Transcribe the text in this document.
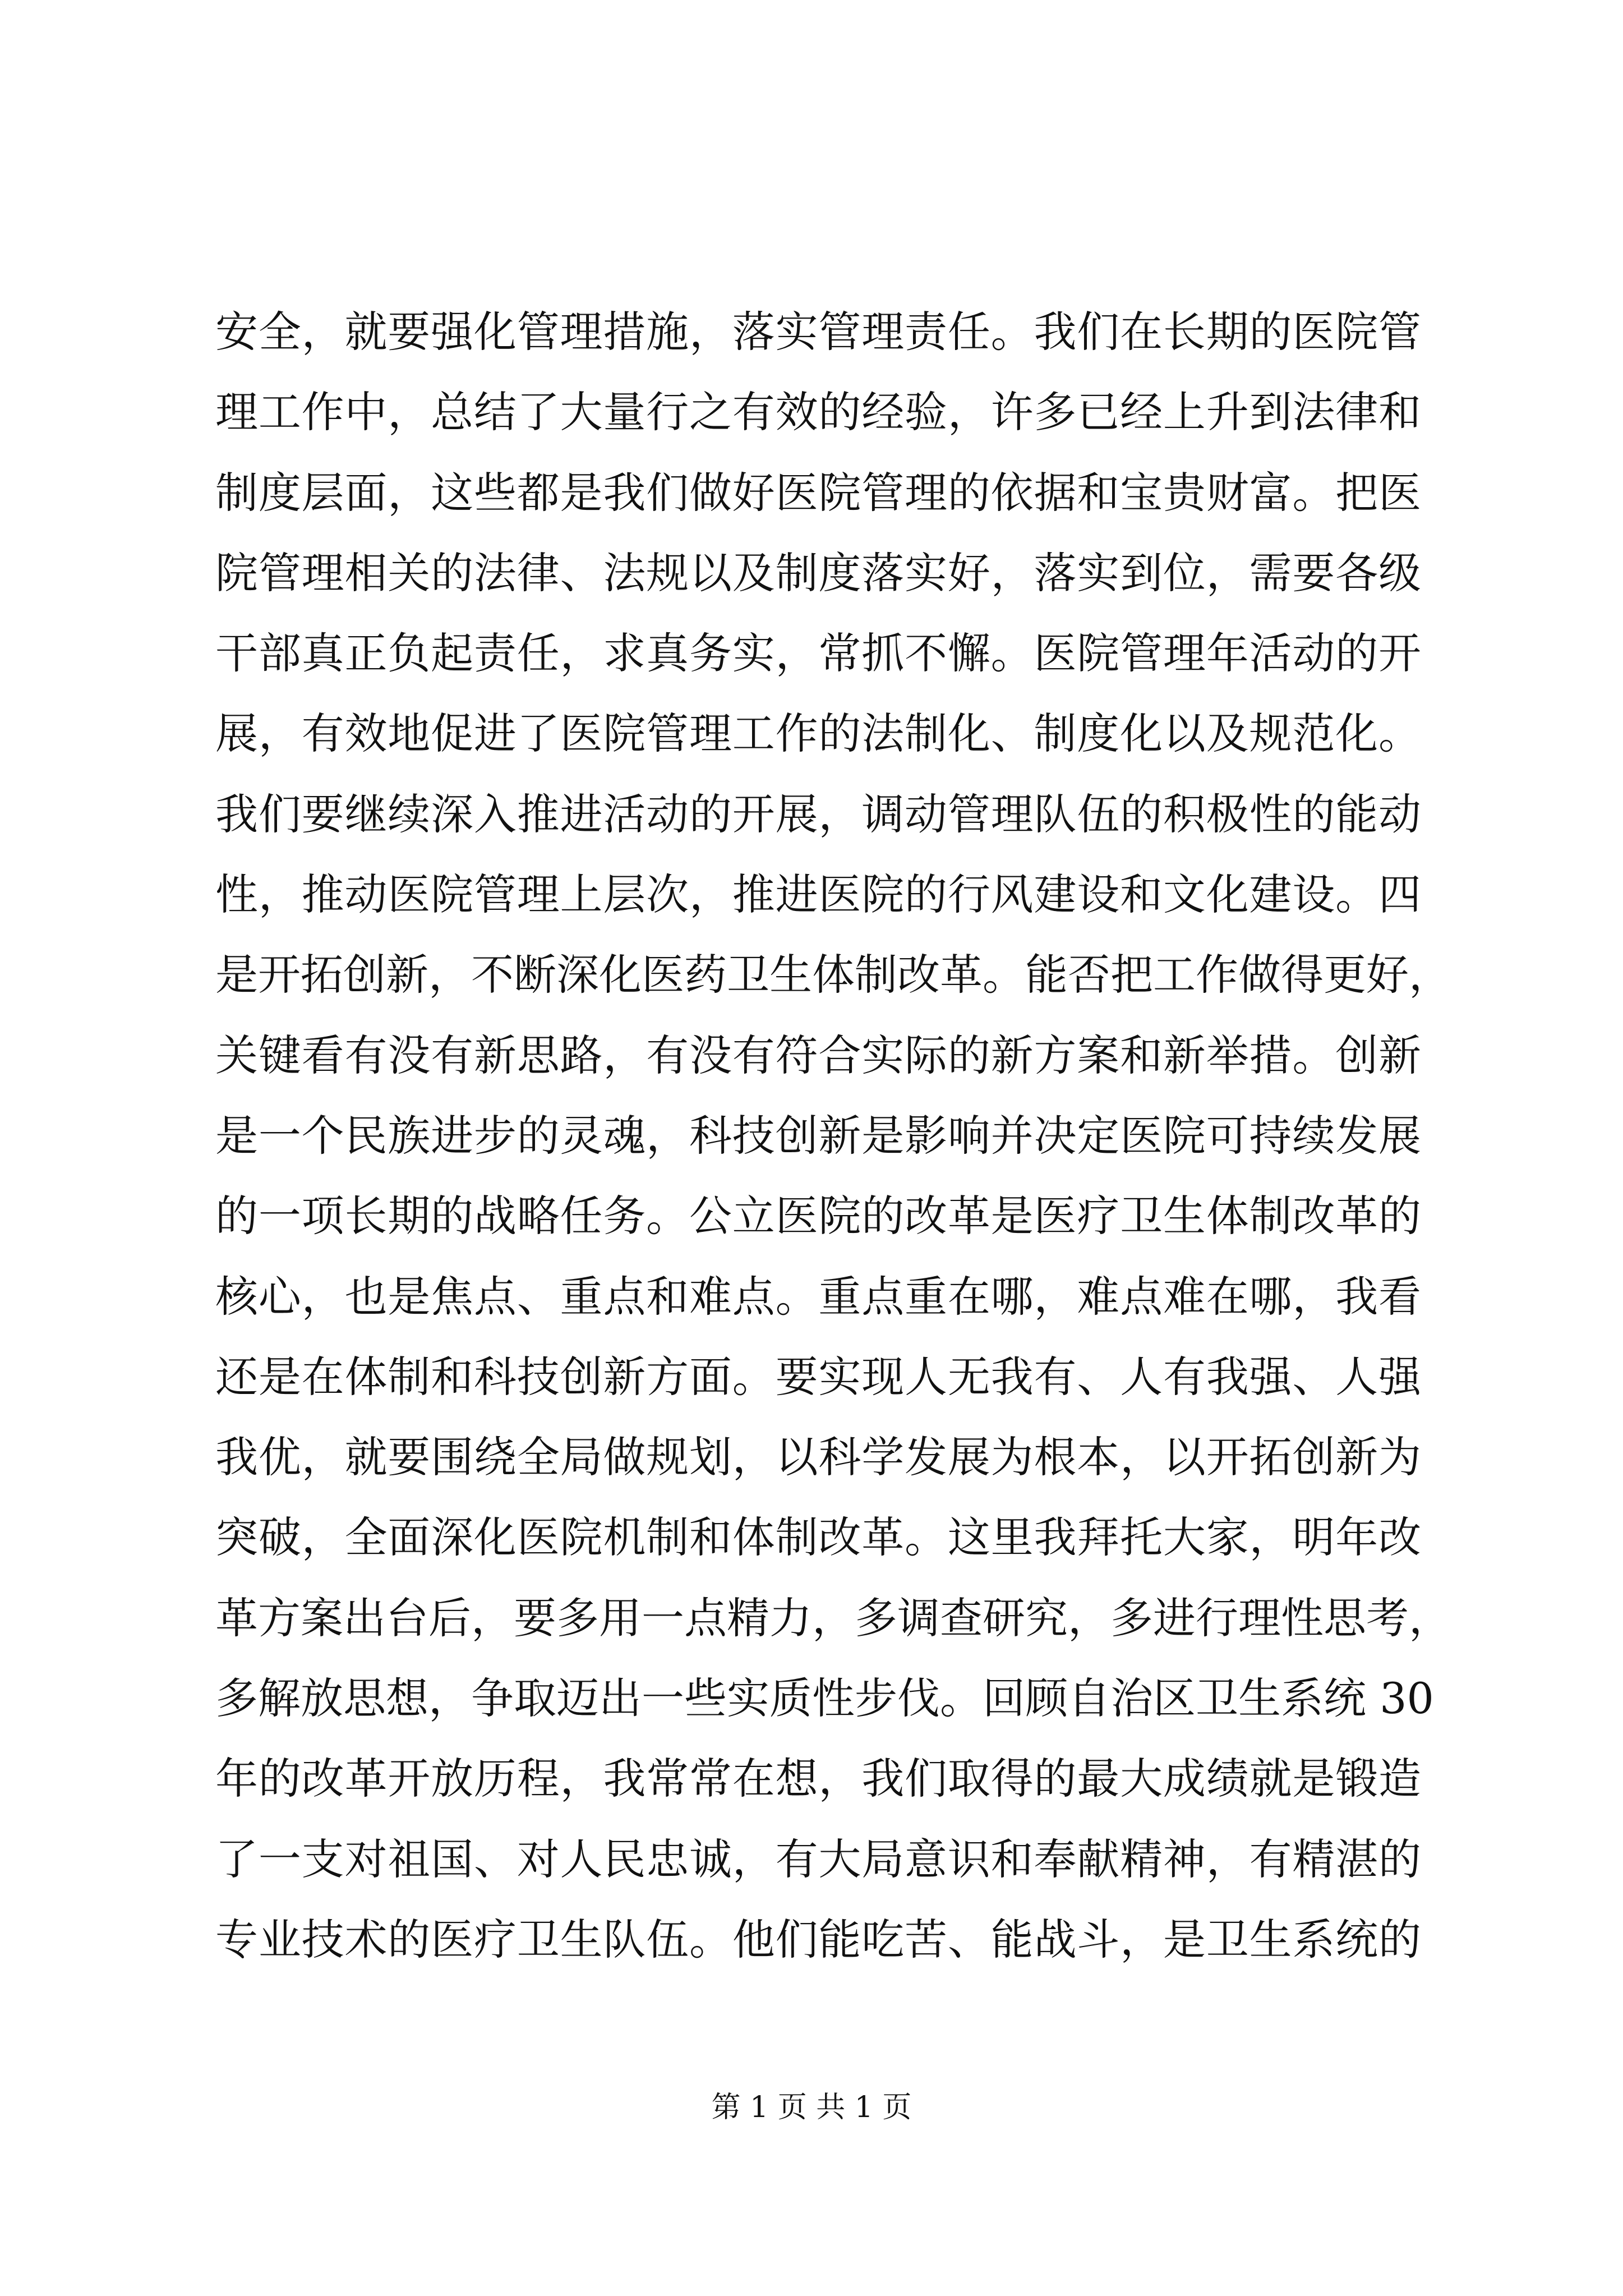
安全，就要强化管理措施，落实管理责任。我们在长期的医院管
理工作中，总结了大量行之有效的经验，许多已经上升到法律和
制度层面，这些都是我们做好医院管理的依据和宝贵财富。把医
院管理相关的法律、法规以及制度落实好，落实到位，需要各级
干部真正负起责任，求真务实，常抓不懈。医院管理年活动的开
展，有效地促进了医院管理工作的法制化、制度化以及规范化。
我们要继续深入推进活动的开展，调动管理队伍的积极性的能动
性，推动医院管理上层次，推进医院的行风建设和文化建设。四
是开拓创新，不断深化医药卫生体制改革。能否把工作做得更好，
关键看有没有新思路，有没有符合实际的新方案和新举措。创新
是一个民族进步的灵魂，科技创新是影响并决定医院可持续发展
的一项长期的战略任务。公立医院的改革是医疗卫生体制改革的
核心，也是焦点、重点和难点。重点重在哪，难点难在哪，我看
还是在体制和科技创新方面。要实现人无我有、人有我强、人强
我优，就要围绕全局做规划，以科学发展为根本，以开拓创新为
突破，全面深化医院机制和体制改革。这里我拜托大家，明年改
革方案出台后，要多用一点精力，多调查研究，多进行理性思考，
多解放思想，争取迈出一些实质性步伐。回顾自治区卫生系统 30
年的改革开放历程，我常常在想，我们取得的最大成绩就是锻造
了一支对祖国、对人民忠诚，有大局意识和奉献精神，有精湛的
专业技术的医疗卫生队伍。他们能吃苦、能战斗，是卫生系统的
第 1 页 共 1 页
